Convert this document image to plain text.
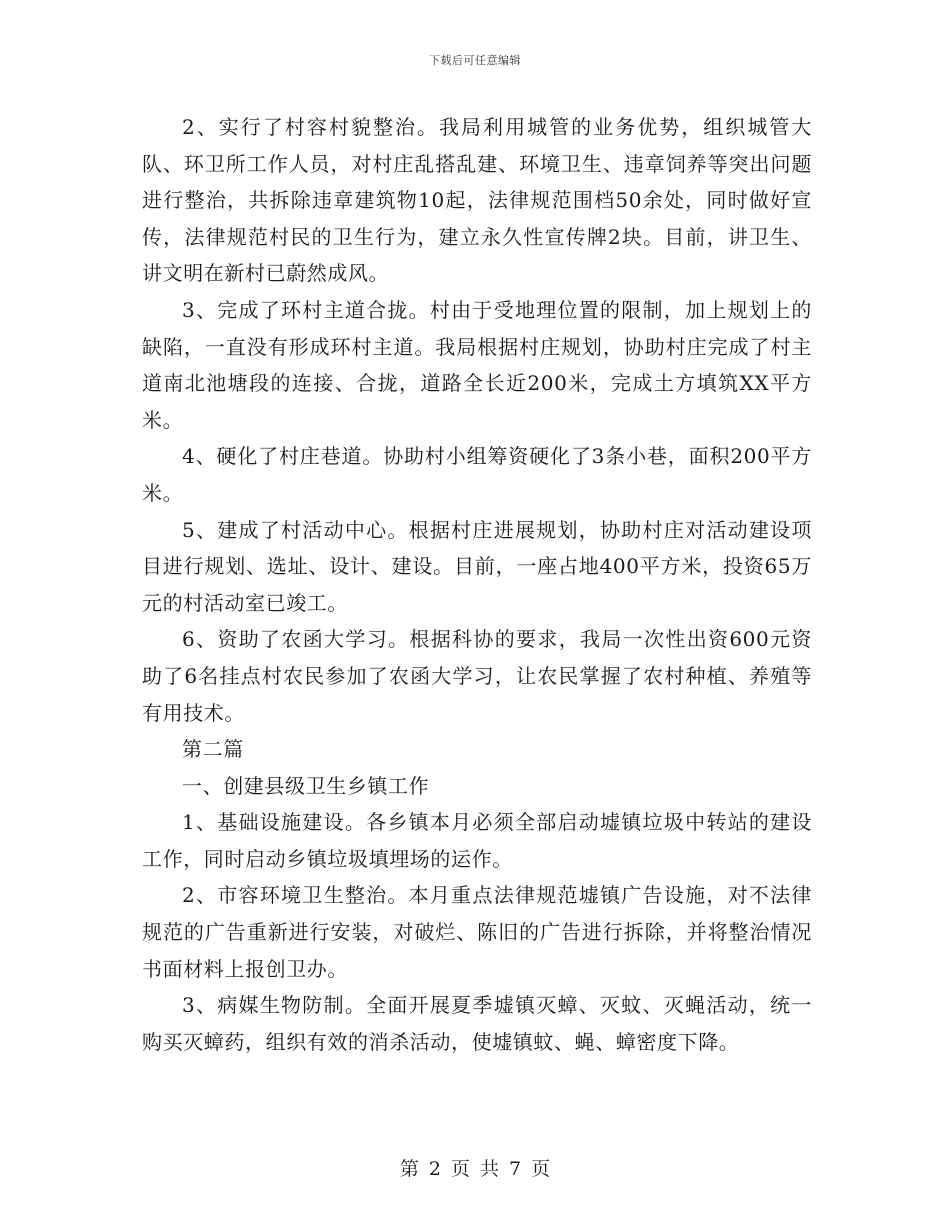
下载后可任意编辑

2、实行了村容村貌整治。我局利用城管的业务优势，组织城管大队、环卫所工作人员，对村庄乱搭乱建、环境卫生、违章饲养等突出问题进行整治，共拆除违章建筑物10起，法律规范围档50余处，同时做好宣传，法律规范村民的卫生行为，建立永久性宣传牌2块。目前，讲卫生、讲文明在新村已蔚然成风。

3、完成了环村主道合拢。村由于受地理位置的限制，加上规划上的缺陷，一直没有形成环村主道。我局根据村庄规划，协助村庄完成了村主道南北池塘段的连接、合拢，道路全长近200米，完成土方填筑XX平方米。

4、硬化了村庄巷道。协助村小组筹资硬化了3条小巷，面积200平方米。

5、建成了村活动中心。根据村庄进展规划，协助村庄对活动建设项目进行规划、选址、设计、建设。目前，一座占地400平方米，投资65万元的村活动室已竣工。

6、资助了农函大学习。根据科协的要求，我局一次性出资600元资助了6名挂点村农民参加了农函大学习，让农民掌握了农村种植、养殖等有用技术。

第二篇

一、创建县级卫生乡镇工作

1、基础设施建设。各乡镇本月必须全部启动墟镇垃圾中转站的建设工作，同时启动乡镇垃圾填埋场的运作。

2、市容环境卫生整治。本月重点法律规范墟镇广告设施，对不法律规范的广告重新进行安装，对破烂、陈旧的广告进行拆除，并将整治情况书面材料上报创卫办。

3、病媒生物防制。全面开展夏季墟镇灭蟑、灭蚊、灭蝇活动，统一购买灭蟑药，组织有效的消杀活动，使墟镇蚊、蝇、蟑密度下降。

第 2 页 共 7 页
